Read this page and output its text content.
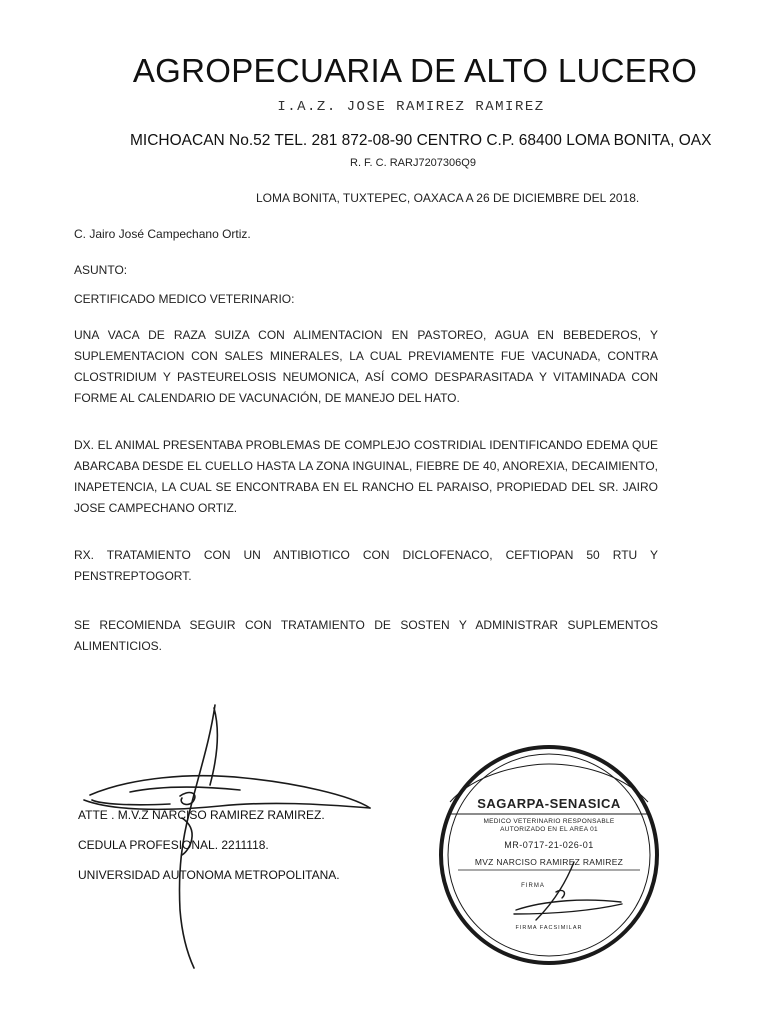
AGROPECUARIA DE ALTO LUCERO
I.A.Z. JOSE RAMIREZ RAMIREZ
MICHOACAN No.52 TEL. 281 872-08-90 CENTRO C.P. 68400 LOMA BONITA, OAX
R. F. C. RARJ7207306Q9
LOMA BONITA, TUXTEPEC, OAXACA A 26 DE DICIEMBRE DEL 2018.
C. Jairo José Campechano Ortiz.
ASUNTO:
CERTIFICADO MEDICO VETERINARIO:
UNA VACA DE RAZA SUIZA CON ALIMENTACION EN PASTOREO, AGUA EN BEBEDEROS, Y SUPLEMENTACION CON SALES MINERALES, LA CUAL PREVIAMENTE FUE VACUNADA, CONTRA CLOSTRIDIUM Y PASTEURELOSIS NEUMONICA, ASÍ COMO DESPARASITADA Y VITAMINADA CON FORME AL CALENDARIO DE VACUNACIÓN, DE MANEJO DEL HATO.
DX. EL ANIMAL PRESENTABA PROBLEMAS DE COMPLEJO COSTRIDIAL IDENTIFICANDO EDEMA QUE ABARCABA DESDE EL CUELLO HASTA LA ZONA INGUINAL, FIEBRE DE 40, ANOREXIA, DECAIMIENTO, INAPETENCIA, LA CUAL SE ENCONTRABA EN EL RANCHO EL PARAISO, PROPIEDAD DEL SR. JAIRO JOSE CAMPECHANO ORTIZ.
RX. TRATAMIENTO CON UN ANTIBIOTICO CON DICLOFENACO, CEFTIOPAN 50 RTU Y PENSTREPTOGORT.
SE RECOMIENDA SEGUIR CON TRATAMIENTO DE SOSTEN Y ADMINISTRAR SUPLEMENTOS ALIMENTICIOS.
ATTE . M.V.Z NARCISO RAMIREZ RAMIREZ.
CEDULA PROFESIONAL. 2211118.
UNIVERSIDAD AUTONOMA METROPOLITANA.
SAGARPA-SENASICA
MEDICO VETERINARIO RESPONSABLE
AUTORIZADO EN EL AREA 01
MR-0717-21-026-01
MVZ NARCISO RAMIREZ RAMIREZ
FIRMA
FIRMA FACSIMILAR
